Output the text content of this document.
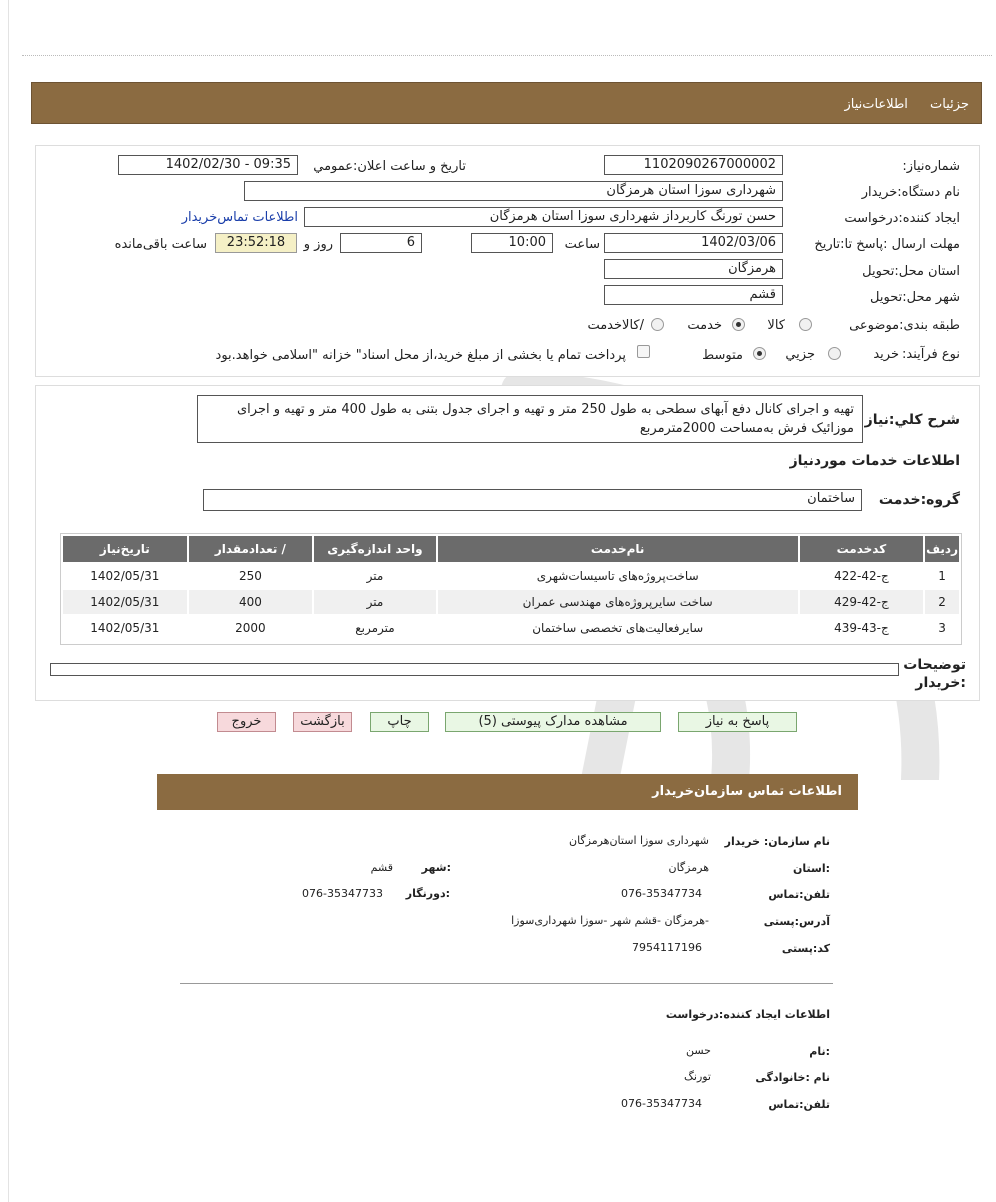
جزئیات اطلاعات‌نیاز
شماره‌نیاز:
1102090267000002
تاریخ و ساعت اعلان:عمومي
1402/02/30 - 09:35
نام دستگاه:خریدار
شهرداری سوزا استان هرمزگان
ایجاد کننده:درخواست
حسن تورنگ کاربرداز شهرداری سوزا استان هرمزگان
اطلاعات تماس‌خریدار
مهلت ارسال :پاسخ تا:تاریخ
1402/03/06
ساعت
10:00
روز و	6
23:52:18
ساعت باقی‌مانده
استان محل:تحویل
هرمزگان
شهر محل:تحویل
قشم
طبقه بندی:موضوعی
کالا
خدمت
/کالاخدمت
نوع فرآیند:
خرید
جزيي
متوسط
پرداخت تمام یا بخشی از مبلغ خرید،از محل اسناد" خزانه "اسلامی خواهد.بود
شرح کلي:نیاز
تهیه و اجرای کانال دفع آبهای سطحی به طول 250 متر و تهیه و اجرای جدول بتنی به طول 400 متر و تهیه و اجرای
موزائیک فرش به‌مساحت 2000مترمربع
اطلاعات خدمات موردنیاز
گروه:خدمت
ساختمان
ردیف	کدخدمت	نام‌خدمت	واحد اندازه‌گیری	/ تعدادمقدار	تاریخ‌نیاز
1	ج-42-422	ساخت‌پروژه‌های تاسیسات‌شهری	متر	250	1402/05/31
2	ج-42-429	ساخت سایرپروژه‌های مهندسی عمران	متر	400	1402/05/31
3	ج-43-439	سایرفعالیت‌های تخصصی ساختمان	مترمربع	2000	1402/05/31
توضیحات :خریدار
پاسخ به نیاز
مشاهده مدارک پیوستی (5)
چاپ
بازگشت
خروج
اطلاعات تماس سازمان‌خریدار
نام سازمان: خریدار
شهرداری سوزا استان‌هرمزگان
:استان
هرمزگان
:شهر
قشم
تلفن:تماس
076-35347734
:دورنگار
076-35347733
آدرس:پستی
-هرمزگان -قشم شهر -سوزا شهرداری‌سوزا
کد:پستی
7954117196
اطلاعات ایجاد کننده:درخواست
:نام
حسن
نام :خانوادگی
تورنگ
تلفن:تماس
076-35347734
